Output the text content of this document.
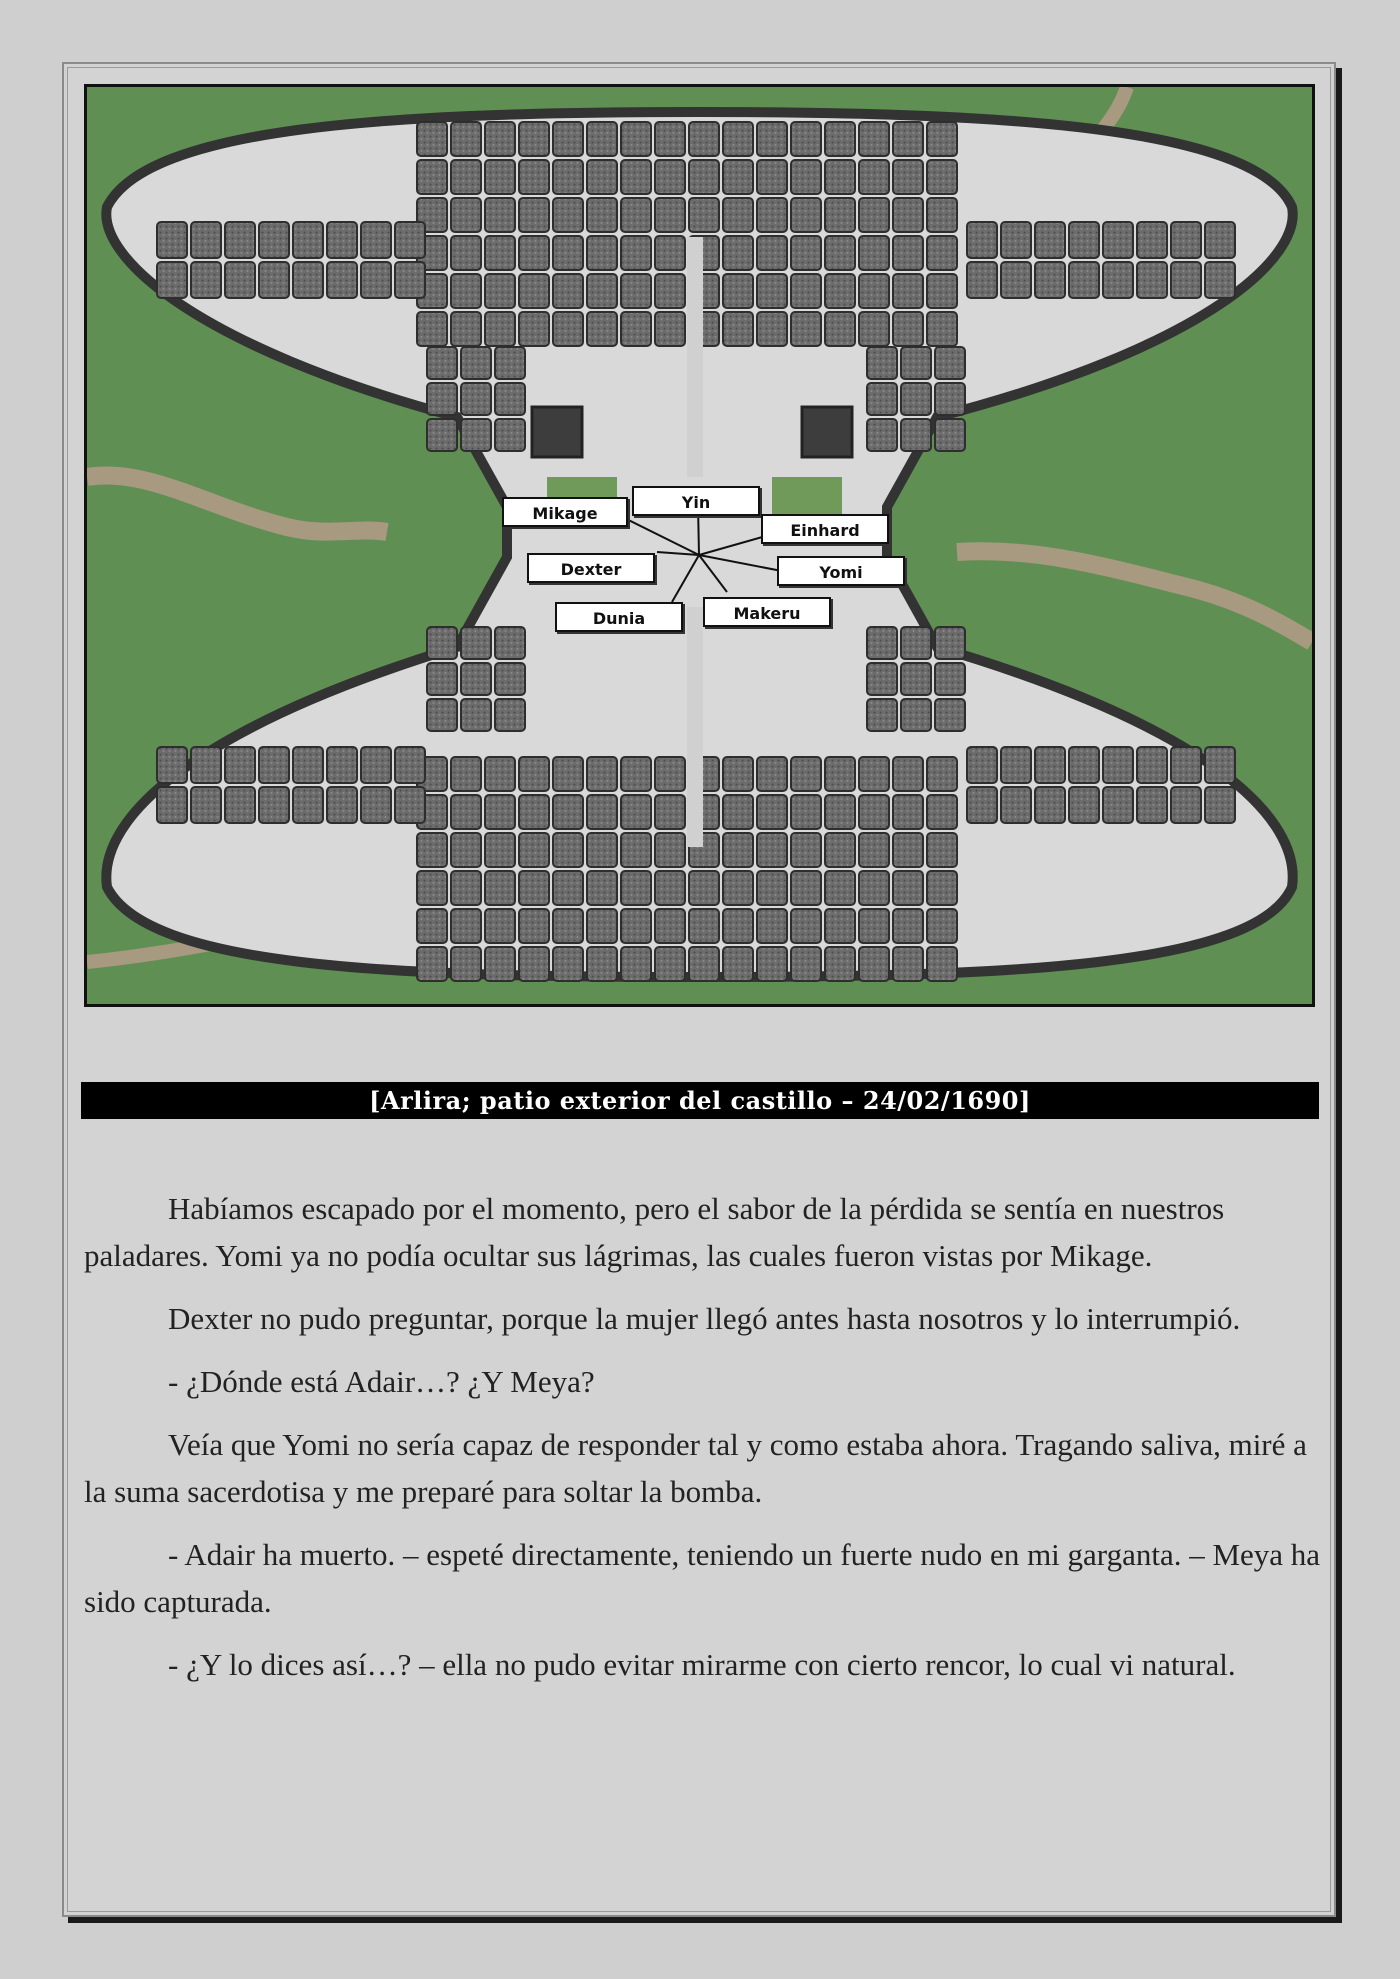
Mikage
Yin
Einhard
Dexter	Yomi
Dunia	Makeru
[Arlira; patio exterior del castillo – 24/02/1690]

Habíamos escapado por el momento, pero el sabor de la pérdida se sentía en nuestros paladares. Yomi ya no podía ocultar sus lágrimas, las cuales fueron vistas por Mikage.

Dexter no pudo preguntar, porque la mujer llegó antes hasta nosotros y lo interrumpió.

- ¿Dónde está Adair…? ¿Y Meya?

Veía que Yomi no sería capaz de responder tal y como estaba ahora. Tragando saliva, miré a la suma sacerdotisa y me preparé para soltar la bomba.

- Adair ha muerto. – espeté directamente, teniendo un fuerte nudo en mi garganta. – Meya ha sido capturada.

- ¿Y lo dices así…? – ella no pudo evitar mirarme con cierto rencor, lo cual vi natural.
